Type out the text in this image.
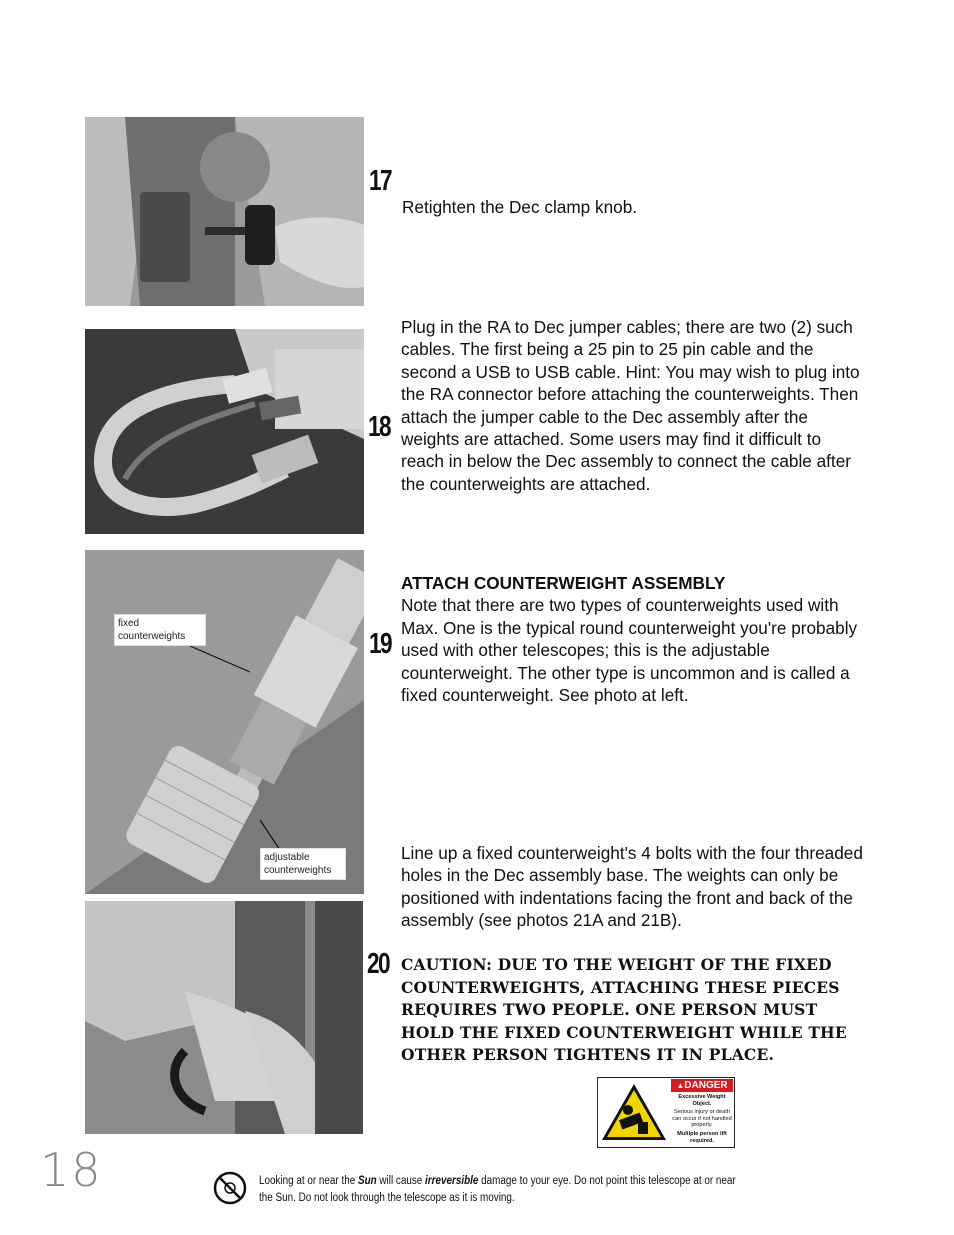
17

Retighten the Dec clamp knob.

18

Plug in the RA to Dec jumper cables; there are two (2) such cables. The first being a 25 pin to 25 pin cable and the second a USB to USB cable. Hint: You may wish to plug into the RA connector before attaching the counterweights. Then attach the jumper cable to the Dec assembly after the weights are attached. Some users may find it difficult to reach in below the Dec assembly to connect the cable after the counterweights are attached.

fixed counterweights
adjustable counterweights
19
ATTACH COUNTERWEIGHT ASSEMBLY
Note that there are two types of counterweights used with Max. One is the typical round counterweight you're probably used with other telescopes; this is the adjustable counterweight. The other type is uncommon and is called a fixed counterweight. See photo at left.
20

Line up a fixed counterweight's 4 bolts with the four threaded holes in the Dec assembly base. The weights can only be positioned with indentations facing the front and back of the assembly (see photos 21A and 21B).

CAUTION: DUE TO THE WEIGHT OF THE FIXED COUNTERWEIGHTS, ATTACHING THESE PIECES REQUIRES TWO PEOPLE. ONE PERSON MUST HOLD THE FIXED COUNTERWEIGHT WHILE THE OTHER PERSON TIGHTENS IT IN PLACE.
▲DANGER
Excessive Weight Object.
Serious injury or death can occur if not handled properly.
Multiple person lift required.
18	Looking at or near the Sun will cause irreversible damage to your eye. Do not point this telescope at or near the Sun. Do not look through the telescope as it is moving.
